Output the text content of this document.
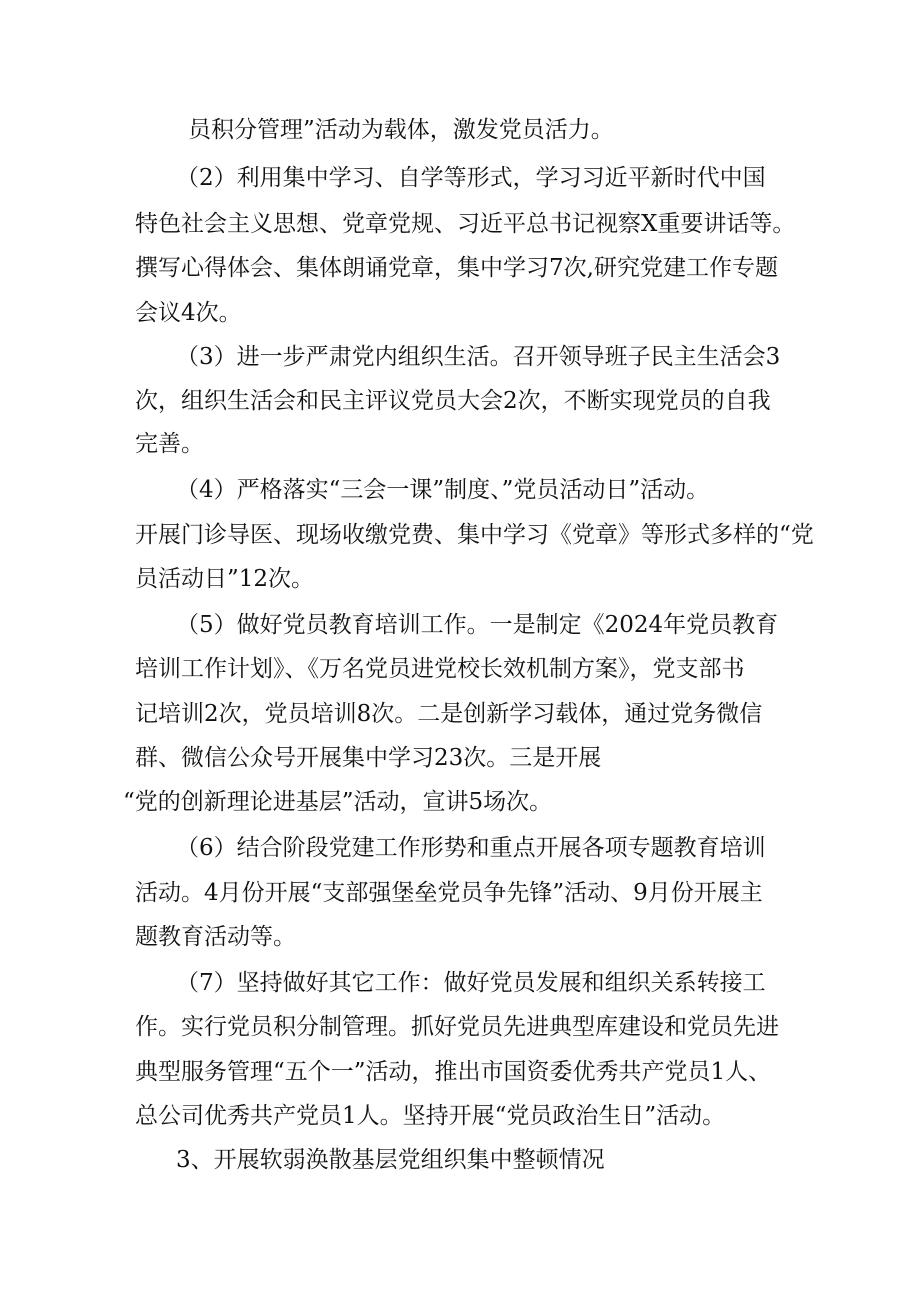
员积分管理”活动为载体，激发党员活力。
（2）利用集中学习、自学等形式，学习习近平新时代中国
特色社会主义思想、党章党规、习近平总书记视察X重要讲话等。
撰写心得体会、集体朗诵党章，集中学习7次,研究党建工作专题
会议4次。
（3）进一步严肃党内组织生活。召开领导班子民主生活会3
次，组织生活会和民主评议党员大会2次，不断实现党员的自我
完善。
（4）严格落实“三会一课”制度、”党员活动日”活动。
开展门诊导医、现场收缴党费、集中学习《党章》等形式多样的“党
员活动日”12次。
（5）做好党员教育培训工作。一是制定《2024年党员教育
培训工作计划》、《万名党员进党校长效机制方案》，党支部书
记培训2次，党员培训8次。二是创新学习载体，通过党务微信
群、微信公众号开展集中学习23次。三是开展
“党的创新理论进基层”活动，宣讲5场次。
（6）结合阶段党建工作形势和重点开展各项专题教育培训
活动。4月份开展“支部强堡垒党员争先锋”活动、9月份开展主
题教育活动等。
（7）坚持做好其它工作：做好党员发展和组织关系转接工
作。实行党员积分制管理。抓好党员先进典型库建设和党员先进
典型服务管理“五个一”活动，推出市国资委优秀共产党员1人、
总公司优秀共产党员1人。坚持开展“党员政治生日”活动。
3、开展软弱涣散基层党组织集中整顿情况
